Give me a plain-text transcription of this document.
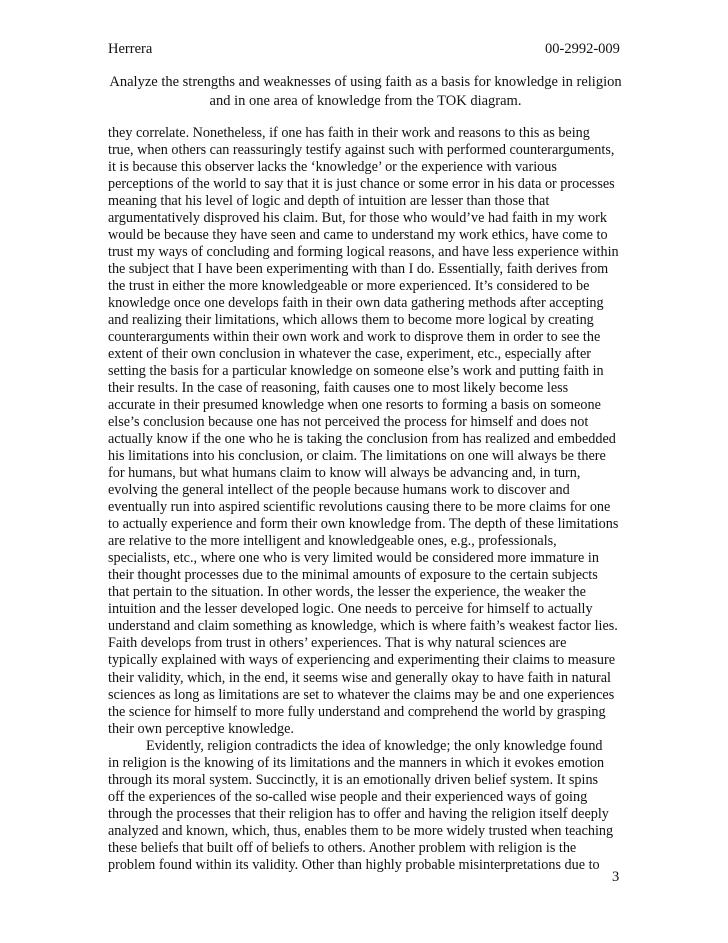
Herrera	00-2992-009
Analyze the strengths and weaknesses of using faith as a basis for knowledge in religion
and in one area of knowledge from the TOK diagram.
they correlate. Nonetheless, if one has faith in their work and reasons to this as being
true, when others can reassuringly testify against such with performed counterarguments,
it is because this observer lacks the ‘knowledge’ or the experience with various
perceptions of the world to say that it is just chance or some error in his data or processes
meaning that his level of logic and depth of intuition are lesser than those that
argumentatively disproved his claim. But, for those who would’ve had faith in my work
would be because they have seen and came to understand my work ethics, have come to
trust my ways of concluding and forming logical reasons, and have less experience within
the subject that I have been experimenting with than I do. Essentially, faith derives from
the trust in either the more knowledgeable or more experienced. It’s considered to be
knowledge once one develops faith in their own data gathering methods after accepting
and realizing their limitations, which allows them to become more logical by creating
counterarguments within their own work and work to disprove them in order to see the
extent of their own conclusion in whatever the case, experiment, etc., especially after
setting the basis for a particular knowledge on someone else’s work and putting faith in
their results. In the case of reasoning, faith causes one to most likely become less
accurate in their presumed knowledge when one resorts to forming a basis on someone
else’s conclusion because one has not perceived the process for himself and does not
actually know if the one who he is taking the conclusion from has realized and embedded
his limitations into his conclusion, or claim. The limitations on one will always be there
for humans, but what humans claim to know will always be advancing and, in turn,
evolving the general intellect of the people because humans work to discover and
eventually run into aspired scientific revolutions causing there to be more claims for one
to actually experience and form their own knowledge from. The depth of these limitations
are relative to the more intelligent and knowledgeable ones, e.g., professionals,
specialists, etc., where one who is very limited would be considered more immature in
their thought processes due to the minimal amounts of exposure to the certain subjects
that pertain to the situation. In other words, the lesser the experience, the weaker the
intuition and the lesser developed logic. One needs to perceive for himself to actually
understand and claim something as knowledge, which is where faith’s weakest factor lies.
Faith develops from trust in others’ experiences. That is why natural sciences are
typically explained with ways of experiencing and experimenting their claims to measure
their validity, which, in the end, it seems wise and generally okay to have faith in natural
sciences as long as limitations are set to whatever the claims may be and one experiences
the science for himself to more fully understand and comprehend the world by grasping
their own perceptive knowledge.
Evidently, religion contradicts the idea of knowledge; the only knowledge found
in religion is the knowing of its limitations and the manners in which it evokes emotion
through its moral system. Succinctly, it is an emotionally driven belief system. It spins
off the experiences of the so-called wise people and their experienced ways of going
through the processes that their religion has to offer and having the religion itself deeply
analyzed and known, which, thus, enables them to be more widely trusted when teaching
these beliefs that built off of beliefs to others. Another problem with religion is the
problem found within its validity. Other than highly probable misinterpretations due to
3
